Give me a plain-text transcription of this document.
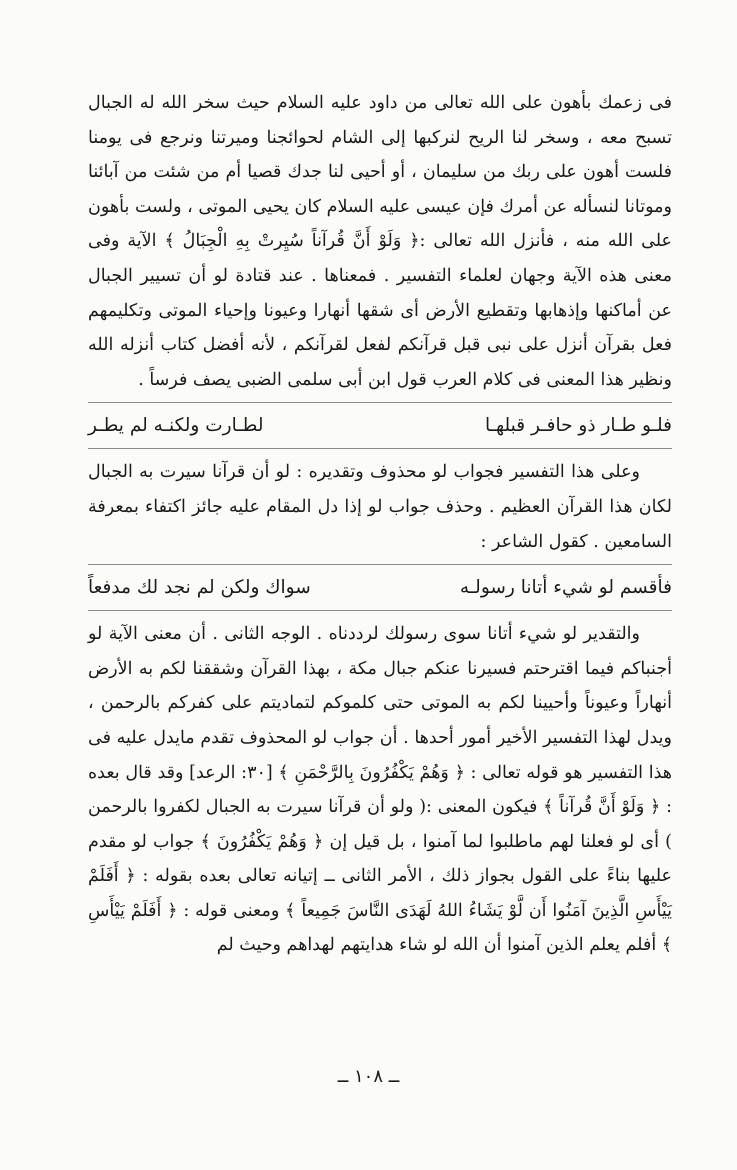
فى زعمك بأهون على الله تعالى من داود عليه السلام حيث سخر الله له الجبال تسبح معه ، وسخر لنا الريح لنركبها إلى الشام لحوائجنا وميرتنا ونرجع فى يومنا فلست أهون على ربك من سليمان ، أو أحيى لنا جدك قصيا أم من شئت من آبائنا وموتانا لنسأله عن أمرك فإن عيسى عليه السلام كان يحيى الموتى ، ولست بأهون على الله منه ، فأنزل الله تعالى :﴿ وَلَوْ أَنَّ قُرآناً سُيِرتْ بِهِ الْجِبَالُ ﴾ الآية وفى معنى هذه الآية وجهان لعلماء التفسير . فمعناها . عند قتادة لو أن تسيير الجبال عن أماكنها وإذهابها وتقطيع الأرض أى شقها أنهارا وعيونا وإحياء الموتى وتكليمهم فعل بقرآن أنزل على نبى قبل قرآنكم لفعل لقرآنكم ، لأنه أفضل كتاب أنزله الله ونظير هذا المعنى فى كلام العرب قول ابن أبى سلمى الضبى يصف فرساً .

فلـو طـار ذو حافـر قبلهـا
لطـارت ولكنـه لم يطـر

وعلى هذا التفسير فجواب لو محذوف وتقديره : لو أن قرآنا سيرت به الجبال لكان هذا القرآن العظيم . وحذف جواب لو إذا دل المقام عليه جائز اكتفاء بمعرفة السامعين . كقول الشاعر :

فأقسم لو شيء أتانا رسولـه
سواك ولكن لم نجد لك مدفعاً

والتقدير لو شيء أتانا سوى رسولك لرددناه . الوجه الثانى . أن معنى الآية لو أجنباكم فيما اقترحتم فسيرنا عنكم جبال مكة ، بهذا القرآن وشققنا لكم به الأرض أنهاراً وعيوناً وأحيينا لكم به الموتى حتى كلموكم لتماديتم على كفركم بالرحمن ، ويدل لهذا التفسير الأخير أمور أحدها . أن جواب لو المحذوف تقدم مايدل عليه فى هذا التفسير هو قوله تعالى : ﴿ وَهُمْ يَكْفُرُونَ بِالرَّحْمَنِ ﴾ [٣٠: الرعد] وقد قال بعده : ﴿ وَلَوْ أَنَّ قُرآناً ﴾ فيكون المعنى :( ولو أن قرآنا سيرت به الجبال لكفروا بالرحمن ) أى لو فعلنا لهم ماطلبوا لما آمنوا ، بل قيل إن ﴿ وَهُمْ يَكْفُرُونَ ﴾ جواب لو مقدم عليها بناءً على القول بجواز ذلك ، الأمر الثانى ــ إتيانه تعالى بعده بقوله : ﴿ أَفَلَمْ يَيْأَسِ الَّذِينَ آمَنُوا أَن لَّوْ يَشَاءُ اللهُ لَهَدَى النَّاسَ جَمِيعاً ﴾ ومعنى قوله : ﴿ أَفَلَمْ يَيْأَسِ ﴾ أفلم يعلم الذين آمنوا أن الله لو شاء هدايتهم لهداهم وحيث لم

ــ ١٠٨ ــ
